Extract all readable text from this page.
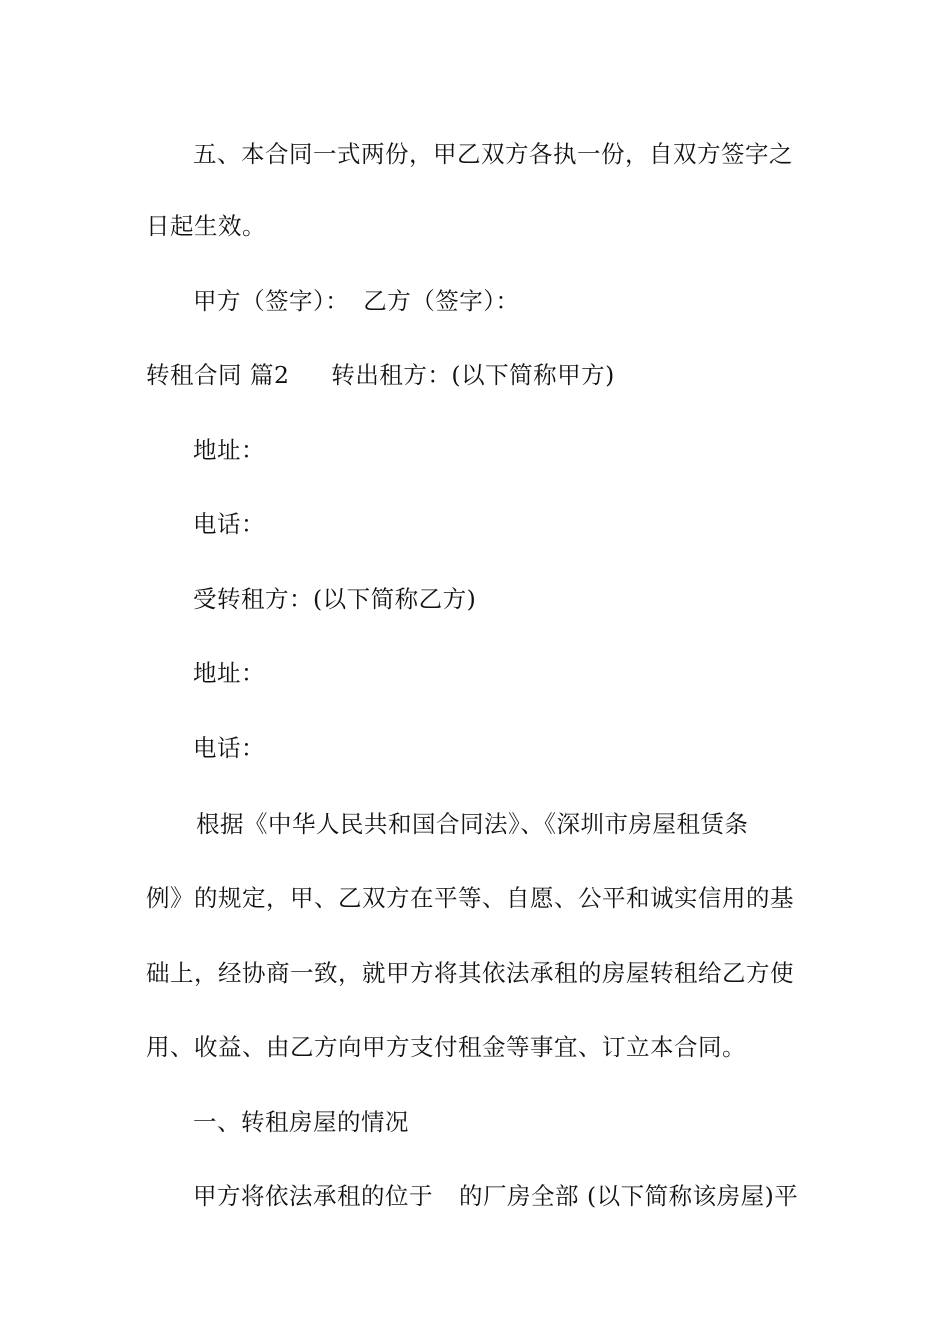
五、本合同一式两份，甲乙双方各执一份，自双方签字之
日起生效。
甲方（签字）： 乙方（签字）：
转租合同 篇2 转出租方：(以下简称甲方)
地址：
电话：
受转租方：(以下简称乙方)
地址：
电话：
根据《中华人民共和国合同法》、《深圳市房屋租赁条
例》的规定，甲、乙双方在平等、自愿、公平和诚实信用的基
础上，经协商一致，就甲方将其依法承租的房屋转租给乙方使
用、收益、由乙方向甲方支付租金等事宜、订立本合同。
一、转租房屋的情况
甲方将依法承租的位于 的厂房全部 (以下简称该房屋)平
